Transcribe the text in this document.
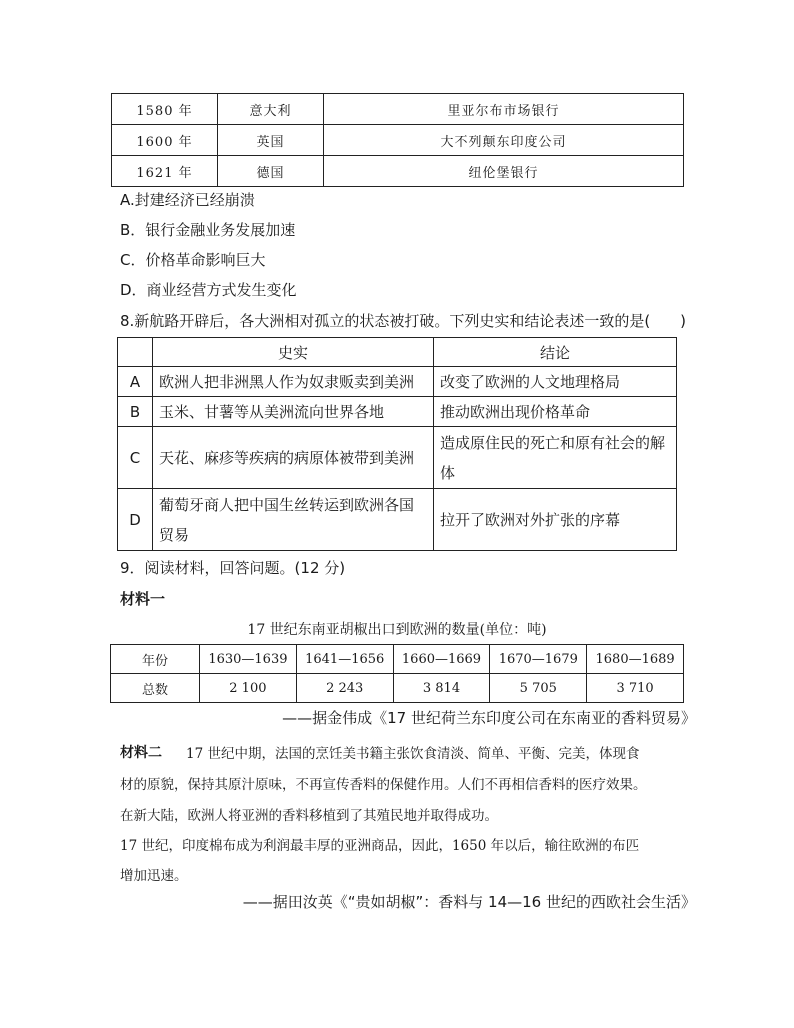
1580 年	意大利	里亚尔布市场银行
1600 年	英国	大不列颠东印度公司
1621 年	德国	纽伦堡银行
A.封建经济已经崩溃
B．银行金融业务发展加速
C．价格革命影响巨大
D．商业经营方式发生变化
8.新航路开辟后，各大洲相对孤立的状态被打破。下列史实和结论表述一致的是(　　)
	史实	结论
A	欧洲人把非洲黑人作为奴隶贩卖到美洲	改变了欧洲的人文地理格局
B	玉米、甘薯等从美洲流向世界各地	推动欧洲出现价格革命
C	天花、麻疹等疾病的病原体被带到美洲	造成原住民的死亡和原有社会的解体
D	葡萄牙商人把中国生丝转运到欧洲各国贸易	拉开了欧洲对外扩张的序幕
9．阅读材料，回答问题。(12 分)
材料一
17 世纪东南亚胡椒出口到欧洲的数量(单位：吨)
年份	1630—1639	1641—1656	1660—1669	1670—1679	1680—1689
总数	2 100	2 243	3 814	5 705	3 710
——据金伟成《17 世纪荷兰东印度公司在东南亚的香料贸易》
材料二 17 世纪中期，法国的烹饪美书籍主张饮食清淡、简单、平衡、完美，体现食
材的原貌，保持其原汁原味，不再宣传香料的保健作用。人们不再相信香料的医疗效果。
在新大陆，欧洲人将亚洲的香料移植到了其殖民地并取得成功。
17 世纪，印度棉布成为利润最丰厚的亚洲商品，因此，1650 年以后，输往欧洲的布匹
增加迅速。
——据田汝英《“贵如胡椒”：香料与 14—16 世纪的西欧社会生活》
